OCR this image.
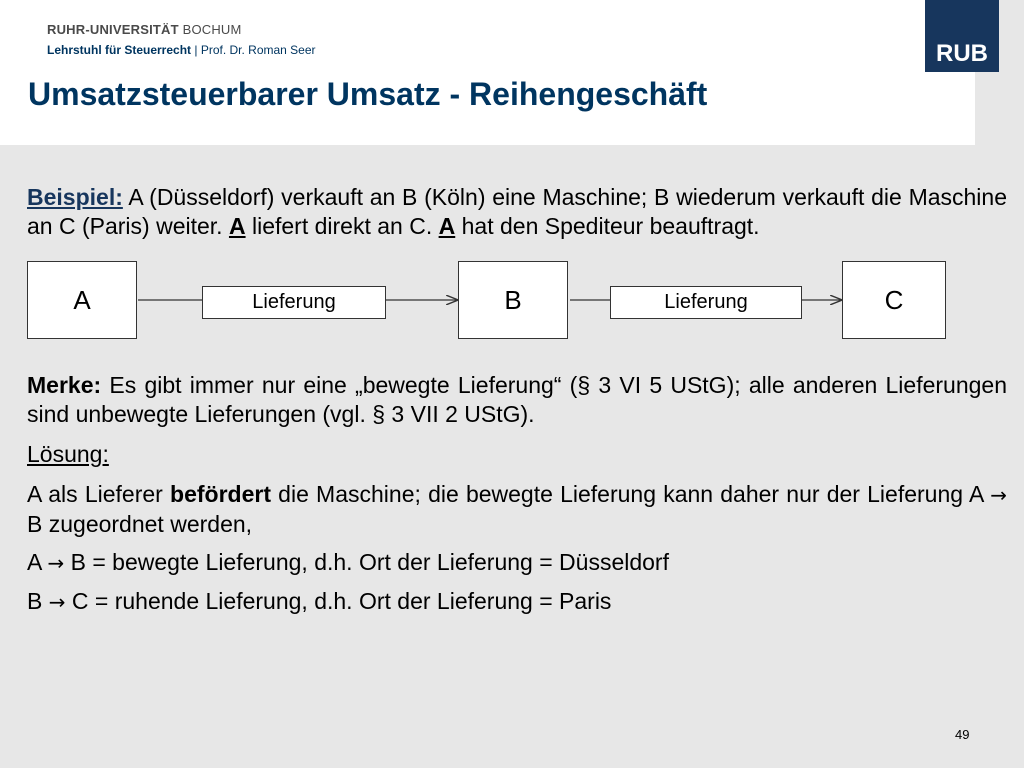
RUHR-UNIVERSITÄT BOCHUM
Lehrstuhl für Steuerrecht | Prof. Dr. Roman Seer
Umsatzsteuerbarer Umsatz - Reihengeschäft
RUB

Beispiel: A (Düsseldorf) verkauft an B (Köln) eine Maschine; B wiederum verkauft die Maschine an C (Paris) weiter. A liefert direkt an C. A hat den Spediteur beauftragt.

A	B	C
Lieferung	Lieferung

Merke: Es gibt immer nur eine „bewegte Lieferung“ (§ 3 VI 5 UStG); alle anderen Lieferungen sind unbewegte Lieferungen (vgl. § 3 VII 2 UStG).

Lösung:

A als Lieferer befördert die Maschine; die bewegte Lieferung kann daher nur der Lieferung A → B zugeordnet werden,

A → B = bewegte Lieferung, d.h. Ort der Lieferung = Düsseldorf

B → C = ruhende Lieferung, d.h. Ort der Lieferung = Paris

49
